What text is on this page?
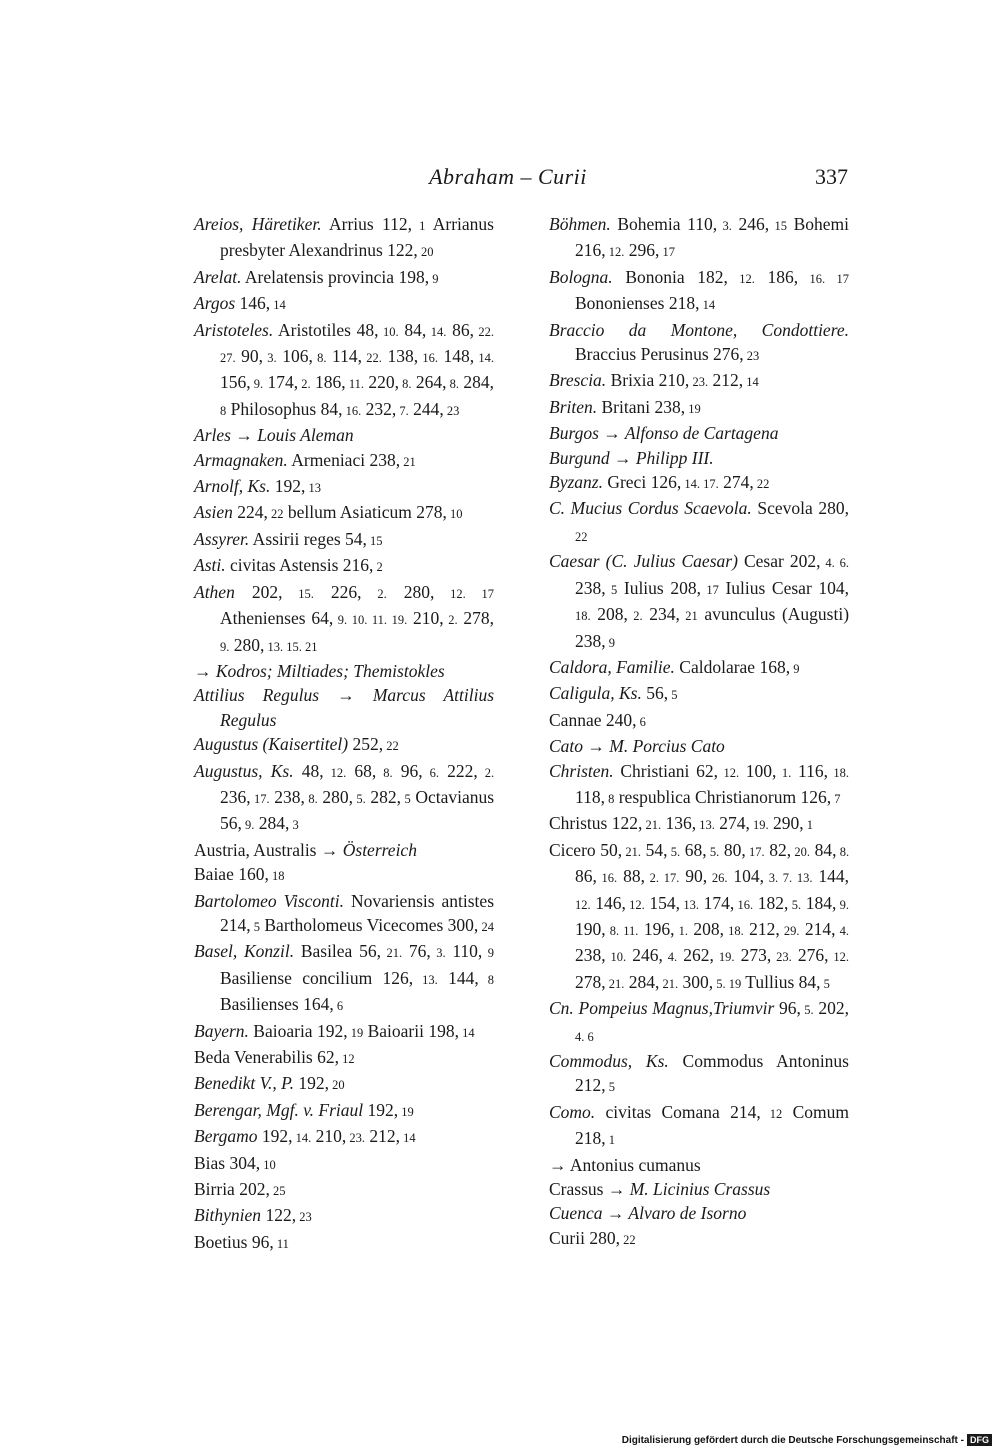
Abraham – Curii	337
Areios, Häretiker. Arrius 112, 1 Arrianus presbyter Alexandrinus 122, 20
Arelat. Arelatensis provincia 198, 9
Argos 146, 14
Aristoteles. Aristotiles 48, 10. 84, 14. 86, 22. 27. 90, 3. 106, 8. 114, 22. 138, 16. 148, 14. 156, 9. 174, 2. 186, 11. 220, 8. 264, 8. 284, 8 Philosophus 84, 16. 232, 7. 244, 23
Arles → Louis Aleman
Armagnaken. Armeniaci 238, 21
Arnolf, Ks. 192, 13
Asien 224, 22 bellum Asiaticum 278, 10
Assyrer. Assirii reges 54, 15
Asti. civitas Astensis 216, 2
Athen 202, 15. 226, 2. 280, 12. 17 Athenienses 64, 9. 10. 11. 19. 210, 2. 278, 9. 280, 13. 15. 21
→ Kodros; Miltiades; Themistokles
Attilius Regulus → Marcus Attilius Regulus
Augustus (Kaisertitel) 252, 22
Augustus, Ks. 48, 12. 68, 8. 96, 6. 222, 2. 236, 17. 238, 8. 280, 5. 282, 5 Octavianus 56, 9. 284, 3
Austria, Australis → Österreich
Baiae 160, 18
Bartolomeo Visconti. Novariensis antistes 214, 5 Bartholomeus Vicecomes 300, 24
Basel, Konzil. Basilea 56, 21. 76, 3. 110, 9 Basiliense concilium 126, 13. 144, 8 Basilienses 164, 6
Bayern. Baioaria 192, 19 Baioarii 198, 14
Beda Venerabilis 62, 12
Benedikt V., P. 192, 20
Berengar, Mgf. v. Friaul 192, 19
Bergamo 192, 14. 210, 23. 212, 14
Bias 304, 10
Birria 202, 25
Bithynien 122, 23
Boetius 96, 11
Böhmen. Bohemia 110, 3. 246, 15 Bohemi 216, 12. 296, 17
Bologna. Bononia 182, 12. 186, 16. 17 Bononienses 218, 14
Braccio da Montone, Condottiere. Braccius Perusinus 276, 23
Brescia. Brixia 210, 23. 212, 14
Briten. Britani 238, 19
Burgos → Alfonso de Cartagena
Burgund → Philipp III.
Byzanz. Greci 126, 14. 17. 274, 22
C. Mucius Cordus Scaevola. Scevola 280, 22
Caesar (C. Julius Caesar) Cesar 202, 4. 6. 238, 5 Iulius 208, 17 Iulius Cesar 104, 18. 208, 2. 234, 21 avunculus (Augusti) 238, 9
Caldora, Familie. Caldolarae 168, 9
Caligula, Ks. 56, 5
Cannae 240, 6
Cato → M. Porcius Cato
Christen. Christiani 62, 12. 100, 1. 116, 18. 118, 8 respublica Christianorum 126, 7
Christus 122, 21. 136, 13. 274, 19. 290, 1
Cicero 50, 21. 54, 5. 68, 5. 80, 17. 82, 20. 84, 8. 86, 16. 88, 2. 17. 90, 26. 104, 3. 7. 13. 144, 12. 146, 12. 154, 13. 174, 16. 182, 5. 184, 9. 190, 8. 11. 196, 1. 208, 18. 212, 29. 214, 4. 238, 10. 246, 4. 262, 19. 273, 23. 276, 12. 278, 21. 284, 21. 300, 5. 19 Tullius 84, 5
Cn. Pompeius Magnus,Triumvir 96, 5. 202, 4. 6
Commodus, Ks. Commodus Antoninus 212, 5
Como. civitas Comana 214, 12 Comum 218, 1
→ Antonius cumanus
Crassus → M. Licinius Crassus
Cuenca → Alvaro de Isorno
Curii 280, 22
Digitalisierung gefördert durch die Deutsche Forschungsgemeinschaft - DFG
